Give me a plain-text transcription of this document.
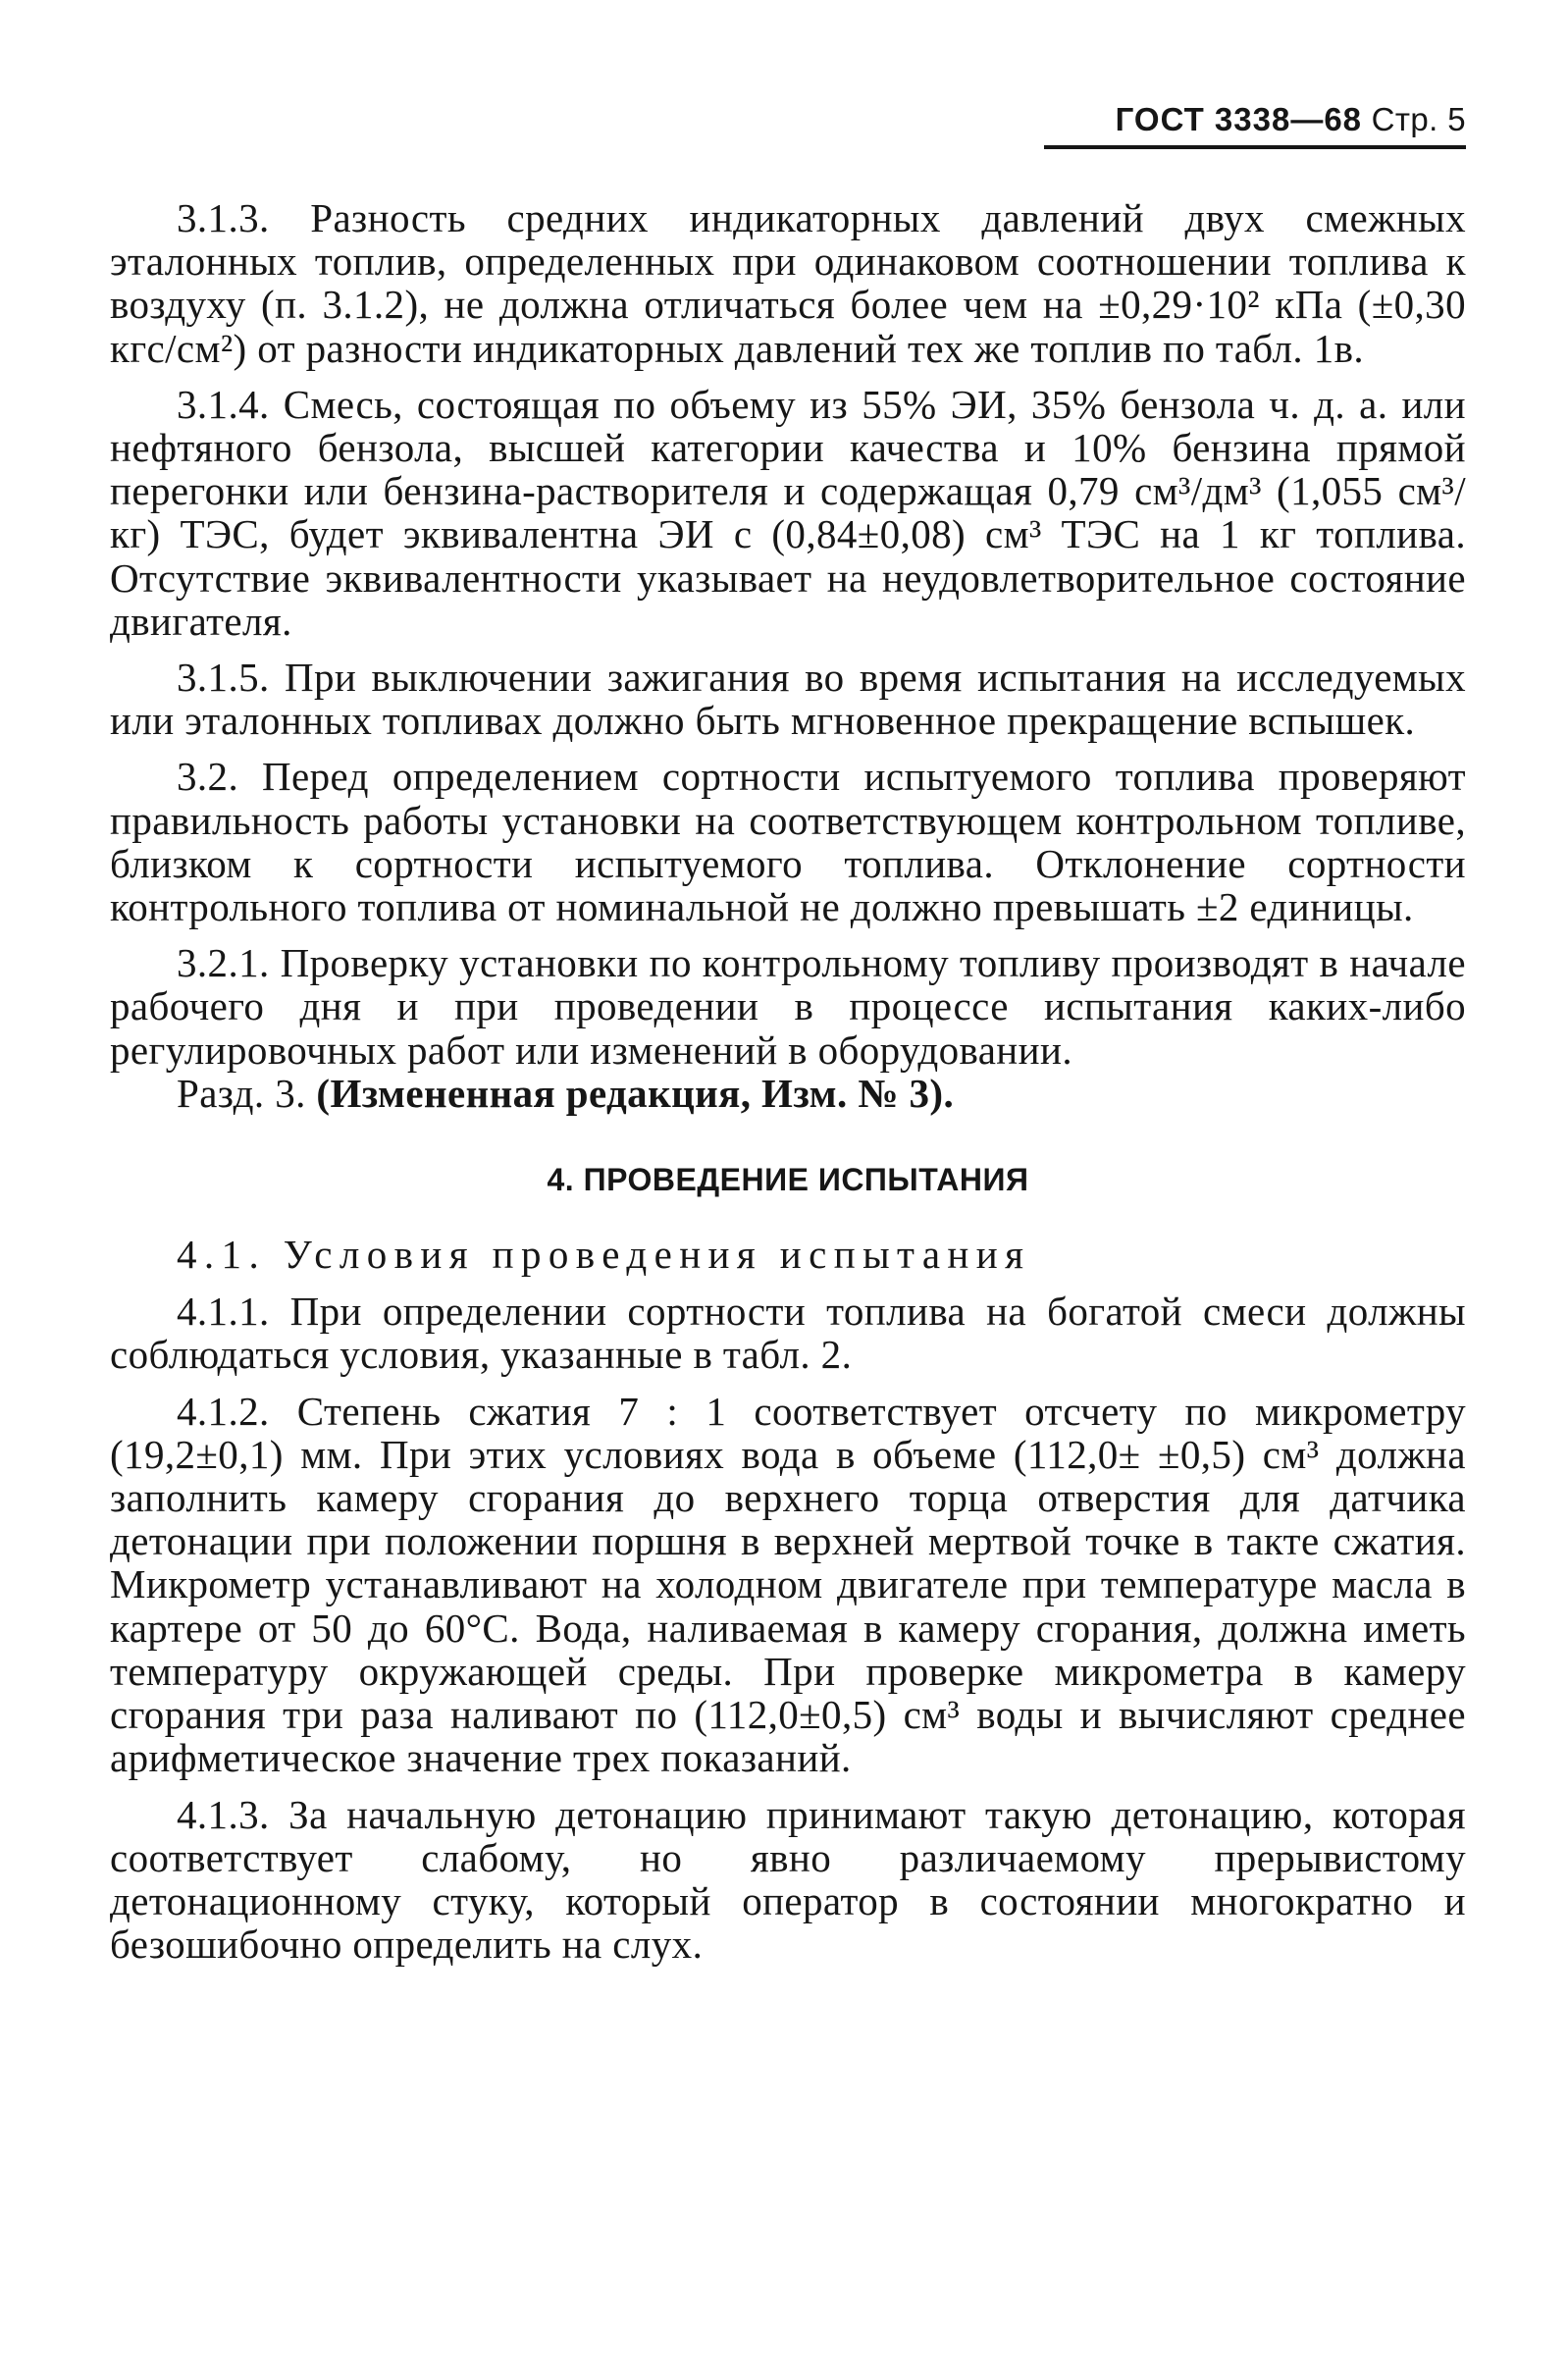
ГОСТ 3338—68 Стр. 5

3.1.3. Разность средних индикаторных давлений двух смежных эталонных топлив, определенных при одинаковом соотношении топлива к воздуху (п. 3.1.2), не должна отличаться более чем на ±0,29·10² кПа (±0,30 кгс/см²) от разности индикаторных давлений тех же топлив по табл. 1в.

3.1.4. Смесь, состоящая по объему из 55% ЭИ, 35% бензола ч. д. а. или нефтяного бензола, высшей категории качества и 10% бензина прямой перегонки или бензина-растворителя и содержащая 0,79 см³/дм³ (1,055 см³/кг) ТЭС, будет эквивалентна ЭИ с (0,84±0,08) см³ ТЭС на 1 кг топлива. Отсутствие эквивалентности указывает на неудовлетворительное состояние двигателя.

3.1.5. При выключении зажигания во время испытания на исследуемых или эталонных топливах должно быть мгновенное прекращение вспышек.

3.2. Перед определением сортности испытуемого топлива проверяют правильность работы установки на соответствующем контрольном топливе, близком к сортности испытуемого топлива. Отклонение сортности контрольного топлива от номинальной не должно превышать ±2 единицы.

3.2.1. Проверку установки по контрольному топливу производят в начале рабочего дня и при проведении в процессе испытания каких-либо регулировочных работ или изменений в оборудовании.

Разд. 3. (Измененная редакция, Изм. № 3).

4. ПРОВЕДЕНИЕ ИСПЫТАНИЯ

4.1. Условия проведения испытания

4.1.1. При определении сортности топлива на богатой смеси должны соблюдаться условия, указанные в табл. 2.

4.1.2. Степень сжатия 7 : 1 соответствует отсчету по микрометру (19,2±0,1) мм. При этих условиях вода в объеме (112,0± ±0,5) см³ должна заполнить камеру сгорания до верхнего торца отверстия для датчика детонации при положении поршня в верхней мертвой точке в такте сжатия. Микрометр устанавливают на холодном двигателе при температуре масла в картере от 50 до 60°С. Вода, наливаемая в камеру сгорания, должна иметь температуру окружающей среды. При проверке микрометра в камеру сгорания три раза наливают по (112,0±0,5) см³ воды и вычисляют среднее арифметическое значение трех показаний.

4.1.3. За начальную детонацию принимают такую детонацию, которая соответствует слабому, но явно различаемому прерывистому детонационному стуку, который оператор в состоянии многократно и безошибочно определить на слух.
